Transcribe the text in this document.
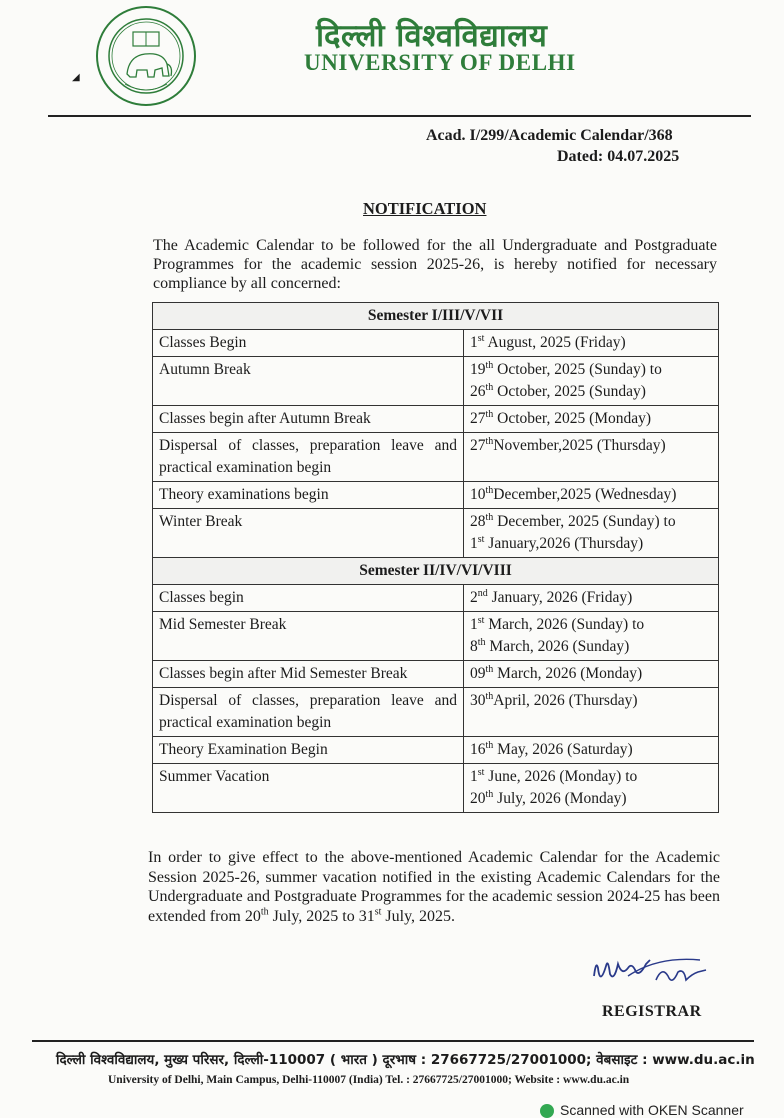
दिल्ली विश्वविद्यालय
UNIVERSITY OF DELHI
◢
Acad. I/299/Academic Calendar/368
Dated: 04.07.2025
NOTIFICATION
The Academic Calendar to be followed for the all Undergraduate and Postgraduate Programmes for the academic session 2025-26, is hereby notified for necessary compliance by all concerned:
Semester I/III/V/VII	
Classes Begin	1st August, 2025 (Friday)

Autumn Break	19th October, 2025 (Sunday) to
26th October, 2025 (Sunday)

Classes begin after Autumn Break	27th October, 2025 (Monday)

Dispersal of classes, preparation leave and practical examination begin	27thNovember,2025 (Thursday)

Theory examinations begin	10thDecember,2025 (Wednesday)

Winter Break	28th December, 2025 (Sunday) to
1st January,2026 (Thursday)

Semester II/IV/VI/VIII	
Classes begin	2nd January, 2026 (Friday)

Mid Semester Break	1st March, 2026 (Sunday) to
8th March, 2026 (Sunday)

Classes begin after Mid Semester Break	09th March, 2026 (Monday)

Dispersal of classes, preparation leave and practical examination begin	30thApril, 2026 (Thursday)

Theory Examination Begin	16th May, 2026 (Saturday)

Summer Vacation	1st June, 2026 (Monday) to
20th July, 2026 (Monday)
In order to give effect to the above-mentioned Academic Calendar for the Academic Session 2025-26, summer vacation notified in the existing Academic Calendars for the Undergraduate and Postgraduate Programmes for the academic session 2024-25 has been extended from 20th July, 2025 to 31st July, 2025.
REGISTRAR
दिल्ली विश्वविद्यालय, मुख्य परिसर, दिल्ली-110007 ( भारत ) दूरभाष : 27667725/27001000; वेबसाइट : www.du.ac.in
University of Delhi, Main Campus, Delhi-110007 (India) Tel. : 27667725/27001000; Website : www.du.ac.in
Scanned with OKEN Scanner
